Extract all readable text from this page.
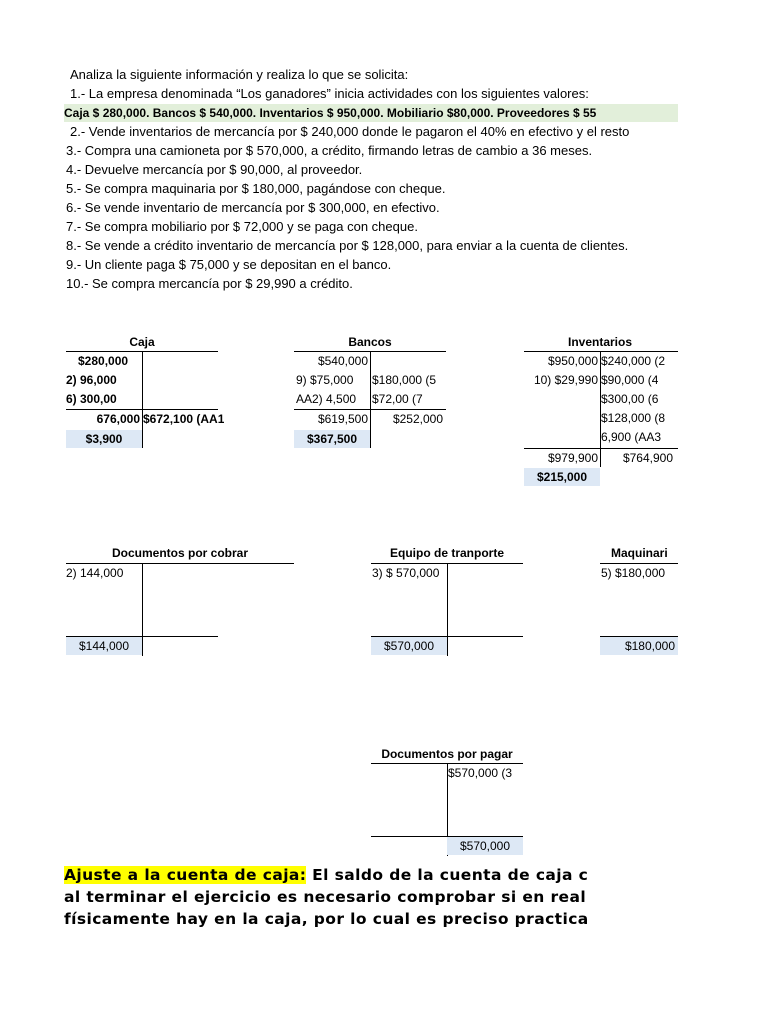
Analiza la siguiente información y realiza lo que se solicita:
1.- La empresa denominada “Los ganadores” inicia actividades con los siguientes valores:
Caja $ 280,000. Bancos $ 540,000. Inventarios $ 950,000. Mobiliario $80,000. Proveedores $ 55
2.- Vende inventarios de mercancía por $ 240,000 donde le pagaron el 40% en efectivo y el resto
3.- Compra una camioneta por $ 570,000, a crédito, firmando letras de cambio a 36 meses.
4.- Devuelve mercancía por $ 90,000, al proveedor.
5.- Se compra maquinaria por $ 180,000, pagándose con cheque.
6.- Se vende inventario de mercancía por $ 300,000, en efectivo.
7.- Se compra mobiliario por $ 72,000 y se paga con cheque.
8.- Se vende a crédito inventario de mercancía por $ 128,000, para enviar a la cuenta de clientes.
9.- Un cliente paga $ 75,000 y se depositan en el banco.
10.- Se compra mercancía por $ 29,990 a crédito.
Caja
$280,000
2) 96,000
6) 300,00
676,000 $672,100 (AA1
$3,900
Bancos
$540,000
9) $75,000 $180,000 (5
AA2) 4,500 $72,00 (7
$619,500	$252,000
$367,500
Inventarios
$950,000 $240,000 (2
10) $29,990 $90,000 (4
$300,00 (6
$128,000 (8
6,900 (AA3
$979,900	$764,900
$215,000
Documentos por cobrar
2) 144,000
$144,000
Equipo de tranporte
3) $ 570,000
$570,000
Maquinari
5) $180,000
$180,000
Documentos por pagar
$570,000 (3
$570,000
Ajuste a la cuenta de caja: El saldo de la cuenta de caja c
al terminar el ejercicio es necesario comprobar si en real
físicamente hay en la caja, por lo cual es preciso practica
